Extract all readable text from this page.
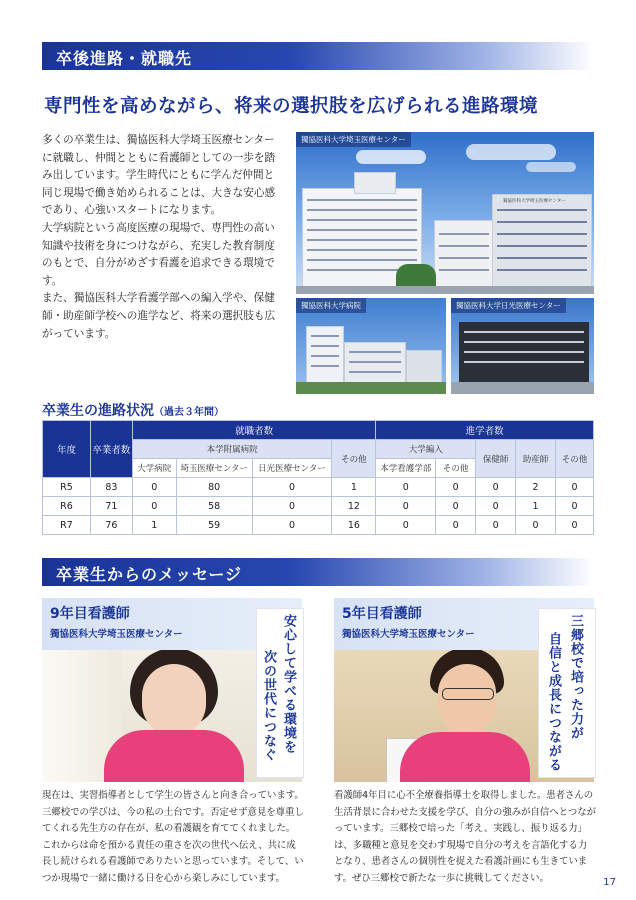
卒後進路・就職先
専門性を高めながら、将来の選択肢を広げられる進路環境

多くの卒業生は、獨協医科大学埼玉医療センターに就職し、仲間とともに看護師としての一歩を踏み出しています。学生時代にともに学んだ仲間と同じ現場で働き始められることは、大きな安心感であり、心強いスタートになります。

大学病院という高度医療の現場で、専門性の高い知識や技術を身につけながら、充実した教育制度のもとで、自分がめざす看護を追求できる環境です。

また、獨協医科大学看護学部への編入学や、保健師・助産師学校への進学など、将来の選択肢も広がっています。

獨協医科大学埼玉医療センター
獨協医科大学埼玉医療センター
獨協医科大学病院	獨協医科大学日光医療センター
卒業生の進路状況（過去３年間）
年度	卒業者数	就職者数				進学者数				
		本学附属病院			その他	大学編入		保健師	助産師	その他
		大学病院	埼玉医療センター	日光医療センター		本学看護学部	その他			
R5	83	0	80	0	1	0	0	0	2	0
R6	71	0	58	0	12	0	0	0	1	0
R7	76	1	59	0	16	0	0	0	0	0
卒業生からのメッセージ
9年目看護師
獨協医科大学埼玉医療センター	安心して学べる環境を
次の世代につなぐ
現在は、実習指導者として学生の皆さんと向き合っています。三郷校での学びは、今の私の土台です。否定せず意見を尊重してくれる先生方の存在が、私の看護観を育ててくれました。これからは命を預かる責任の重さを次の世代へ伝え、共に成長し続けられる看護師でありたいと思っています。そして、いつか現場で一緒に働ける日を心から楽しみにしています。
5年目看護師
獨協医科大学埼玉医療センター	三郷校で培った力が
自信と成長につながる
看護師4年目に心不全療養指導士を取得しました。患者さんの生活背景に合わせた支援を学び、自分の強みが自信へとつながっています。三郷校で培った「考え、実践し、振り返る力」は、多職種と意見を交わす現場で自分の考えを言語化する力となり、患者さんの個別性を捉えた看護計画にも生きています。ぜひ三郷校で新たな一歩に挑戦してください。	17
